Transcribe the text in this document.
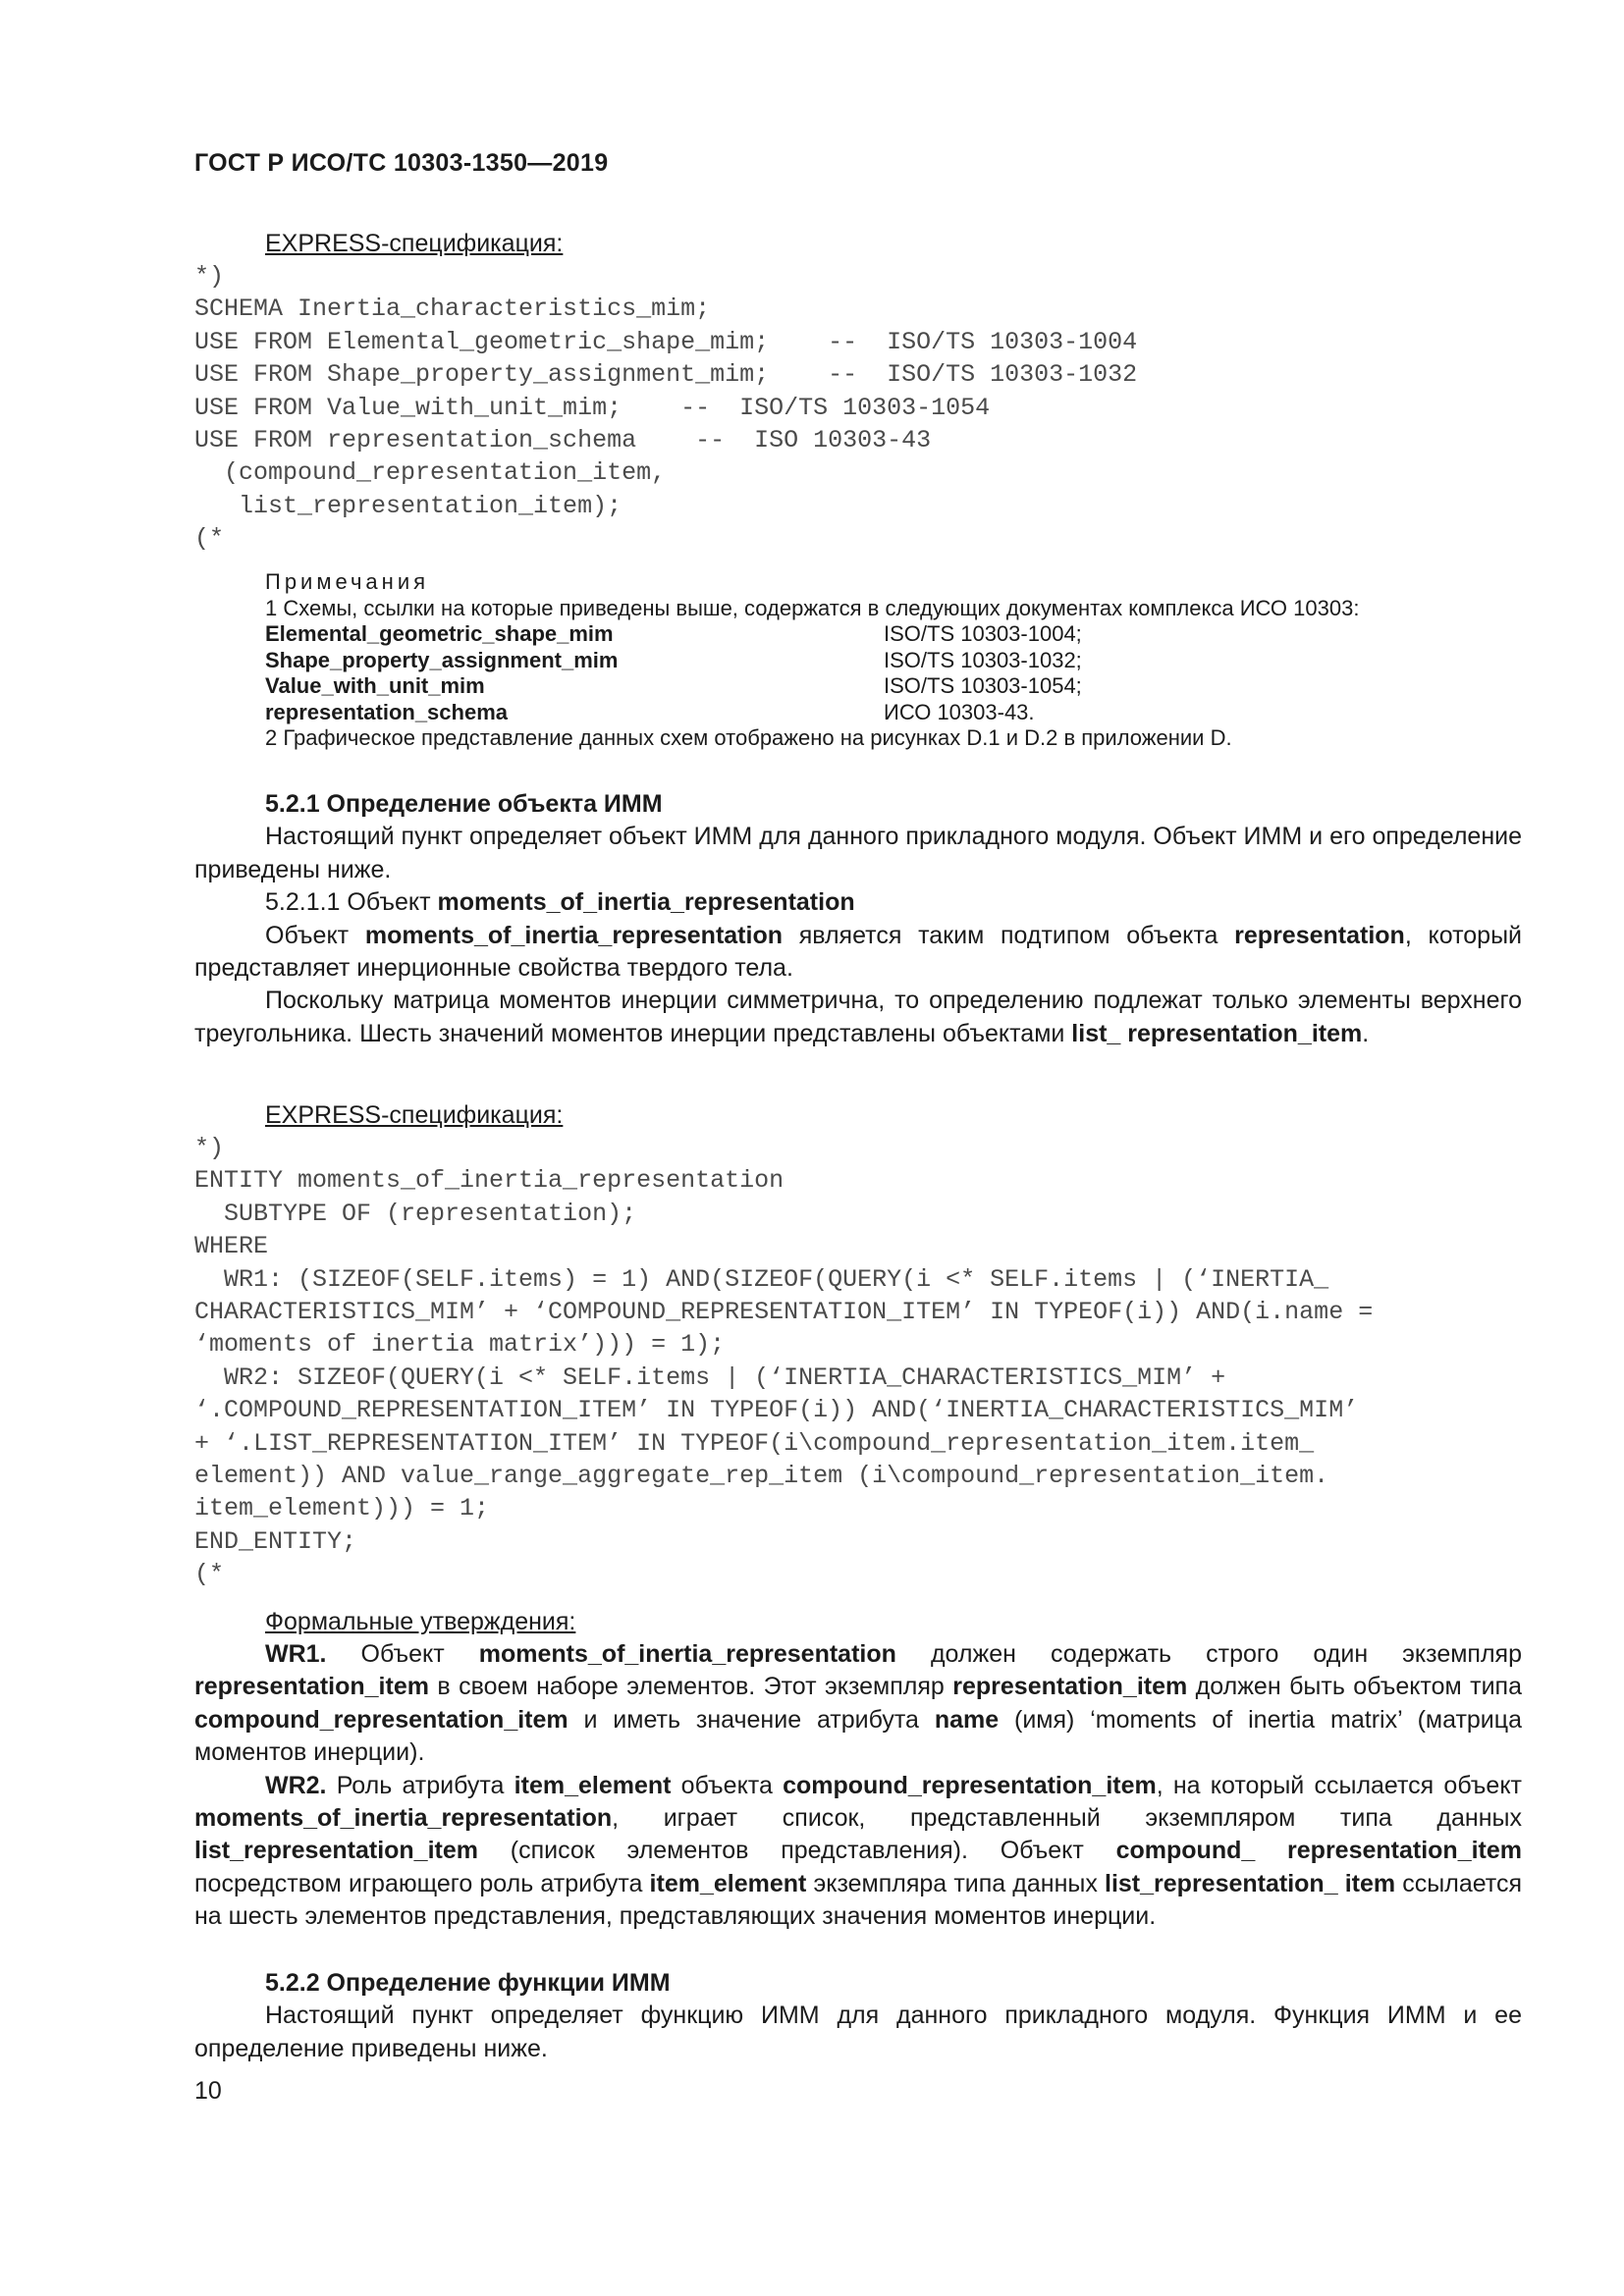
ГОСТ Р ИСО/ТС 10303-1350—2019
EXPRESS-спецификация:
*)
SCHEMA Inertia_characteristics_mim;
USE FROM Elemental_geometric_shape_mim;    --  ISO/TS 10303-1004
USE FROM Shape_property_assignment_mim;    --  ISO/TS 10303-1032
USE FROM Value_with_unit_mim;    --  ISO/TS 10303-1054
USE FROM representation_schema    --  ISO 10303-43
(compound_representation_item,
list_representation_item);
(*
Примечания
1 Схемы, ссылки на которые приведены выше, содержатся в следующих документах комплекса ИСО 10303:
Elemental_geometric_shape_mim	ISO/TS 10303-1004;
Shape_property_assignment_mim	ISO/TS 10303-1032;
Value_with_unit_mim	ISO/TS 10303-1054;
representation_schema	ИСО 10303-43.
2 Графическое представление данных схем отображено на рисунках D.1 и D.2 в приложении D.
5.2.1 Определение объекта ИММ

Настоящий пункт определяет объект ИММ для данного прикладного модуля. Объект ИММ и его определение приведены ниже.

5.2.1.1 Объект moments_of_inertia_representation

Объект moments_of_inertia_representation является таким подтипом объекта representation, который представляет инерционные свойства твердого тела.

Поскольку матрица моментов инерции симметрична, то определению подлежат только элементы верхнего треугольника. Шесть значений моментов инерции представлены объектами list_ representation_item.

EXPRESS-спецификация:
*)
ENTITY moments_of_inertia_representation
SUBTYPE OF (representation);
WHERE
WR1: (SIZEOF(SELF.items) = 1) AND(SIZEOF(QUERY(i <* SELF.items | (‘INERTIA_
CHARACTERISTICS_MIM’ + ‘COMPOUND_REPRESENTATION_ITEM’ IN TYPEOF(i)) AND(i.name =
‘moments of inertia matrix’))) = 1);
WR2: SIZEOF(QUERY(i <* SELF.items | (‘INERTIA_CHARACTERISTICS_MIM’ +
‘.COMPOUND_REPRESENTATION_ITEM’ IN TYPEOF(i)) AND(‘INERTIA_CHARACTERISTICS_MIM’
+ ‘.LIST_REPRESENTATION_ITEM’ IN TYPEOF(i\compound_representation_item.item_
element)) AND value_range_aggregate_rep_item (i\compound_representation_item.
item_element))) = 1;
END_ENTITY;
(*
Формальные утверждения:

WR1. Объект moments_of_inertia_representation должен содержать строго один экземпляр representation_item в своем наборе элементов. Этот экземпляр representation_item должен быть объектом типа compound_representation_item и иметь значение атрибута name (имя) ‘moments of inertia matrix’ (матрица моментов инерции).

WR2. Роль атрибута item_element объекта compound_representation_item, на который ссылается объект moments_of_inertia_representation, играет список, представленный экземпляром типа данных list_representation_item (список элементов представления). Объект compound_ representation_item посредством играющего роль атрибута item_element экземпляра типа данных list_representation_ item ссылается на шесть элементов представления, представляющих значения моментов инерции.

5.2.2 Определение функции ИММ

Настоящий пункт определяет функцию ИММ для данного прикладного модуля. Функция ИММ и ее определение приведены ниже.

10
